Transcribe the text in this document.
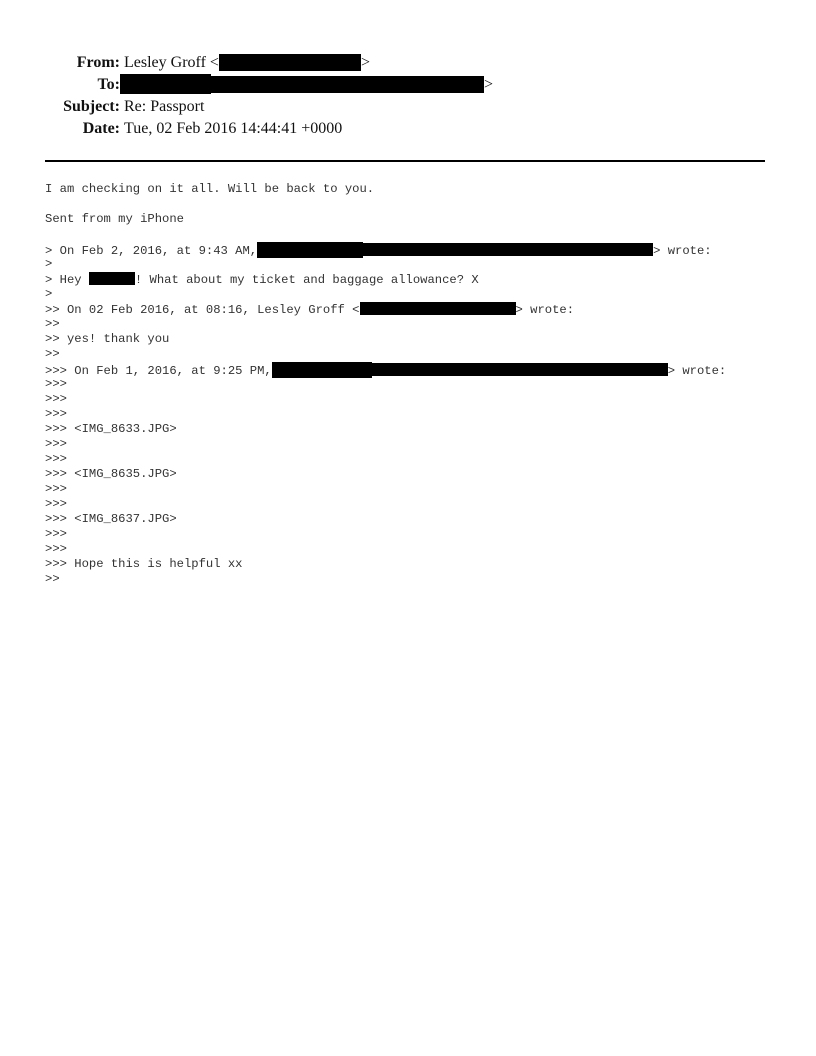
From: Lesley Groff <	>
To:	>
Subject: Re: Passport
Date: Tue, 02 Feb 2016 14:44:41 +0000
I am checking on it all. Will be back to you.
Sent from my iPhone
> On Feb 2, 2016, at 9:43 AM,	> wrote:
>
> Hey	! What about my ticket and baggage allowance? X
>
>> On 02 Feb 2016, at 08:16, Lesley Groff <	> wrote:
>>
>> yes! thank you
>>
>>> On Feb 1, 2016, at 9:25 PM,	> wrote:
>>>
>>>
>>>
>>> <IMG_8633.JPG>
>>>
>>>
>>> <IMG_8635.JPG>
>>>
>>>
>>> <IMG_8637.JPG>
>>>
>>>
>>> Hope this is helpful xx
>>
